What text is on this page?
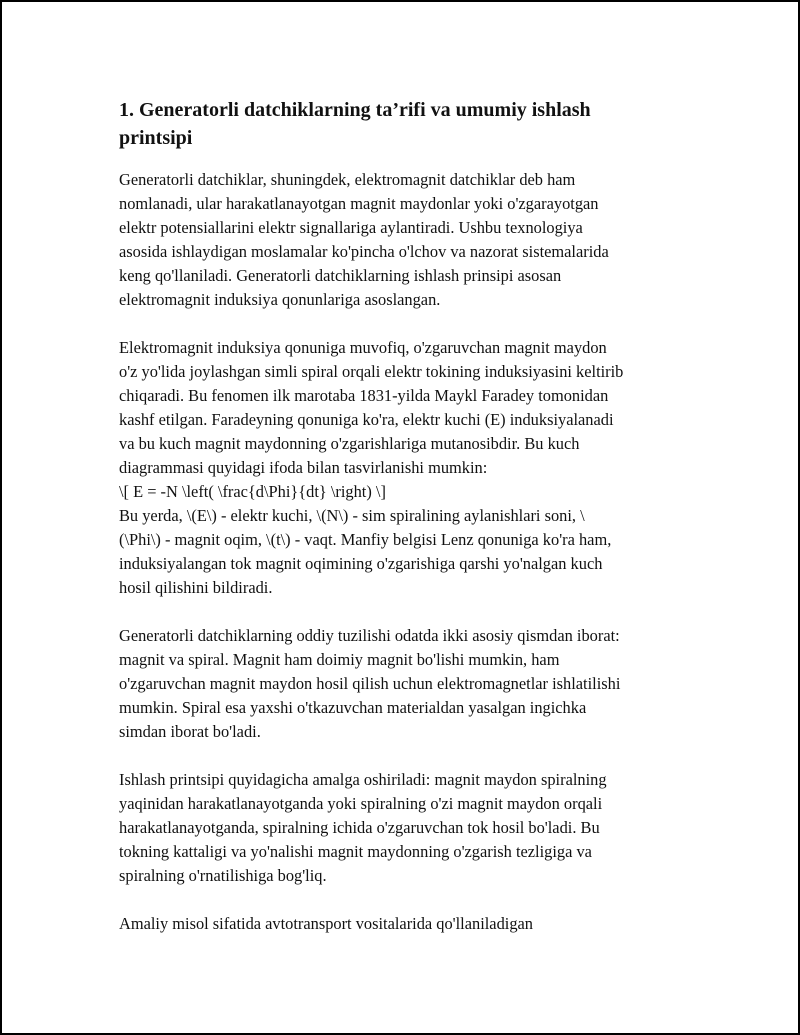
1. Generatorli datchiklarning ta’rifi va umumiy ishlash
printsipi

Generatorli datchiklar, shuningdek, elektromagnit datchiklar deb ham
nomlanadi, ular harakatlanayotgan magnit maydonlar yoki o'zgarayotgan
elektr potensiallarini elektr signallariga aylantiradi. Ushbu texnologiya
asosida ishlaydigan moslamalar ko'pincha o'lchov va nazorat sistemalarida
keng qo'llaniladi. Generatorli datchiklarning ishlash prinsipi asosan
elektromagnit induksiya qonunlariga asoslangan.

Elektromagnit induksiya qonuniga muvofiq, o'zgaruvchan magnit maydon
o'z yo'lida joylashgan simli spiral orqali elektr tokining induksiyasini keltirib
chiqaradi. Bu fenomen ilk marotaba 1831-yilda Maykl Faradey tomonidan
kashf etilgan. Faradeyning qonuniga ko'ra, elektr kuchi (E) induksiyalanadi
va bu kuch magnit maydonning o'zgarishlariga mutanosibdir. Bu kuch
diagrammasi quyidagi ifoda bilan tasvirlanishi mumkin:
\[ E = -N \left( \frac{d\Phi}{dt} \right) \]
Bu yerda, \(E\) - elektr kuchi, \(N\) - sim spiralining aylanishlari soni, \
(\Phi\) - magnit oqim, \(t\) - vaqt. Manfiy belgisi Lenz qonuniga ko'ra ham,
induksiyalangan tok magnit oqimining o'zgarishiga qarshi yo'nalgan kuch
hosil qilishini bildiradi.

Generatorli datchiklarning oddiy tuzilishi odatda ikki asosiy qismdan iborat:
magnit va spiral. Magnit ham doimiy magnit bo'lishi mumkin, ham
o'zgaruvchan magnit maydon hosil qilish uchun elektromagnetlar ishlatilishi
mumkin. Spiral esa yaxshi o'tkazuvchan materialdan yasalgan ingichka
simdan iborat bo'ladi.

Ishlash printsipi quyidagicha amalga oshiriladi: magnit maydon spiralning
yaqinidan harakatlanayotganda yoki spiralning o'zi magnit maydon orqali
harakatlanayotganda, spiralning ichida o'zgaruvchan tok hosil bo'ladi. Bu
tokning kattaligi va yo'nalishi magnit maydonning o'zgarish tezligiga va
spiralning o'rnatilishiga bog'liq.

Amaliy misol sifatida avtotransport vositalarida qo'llaniladigan
